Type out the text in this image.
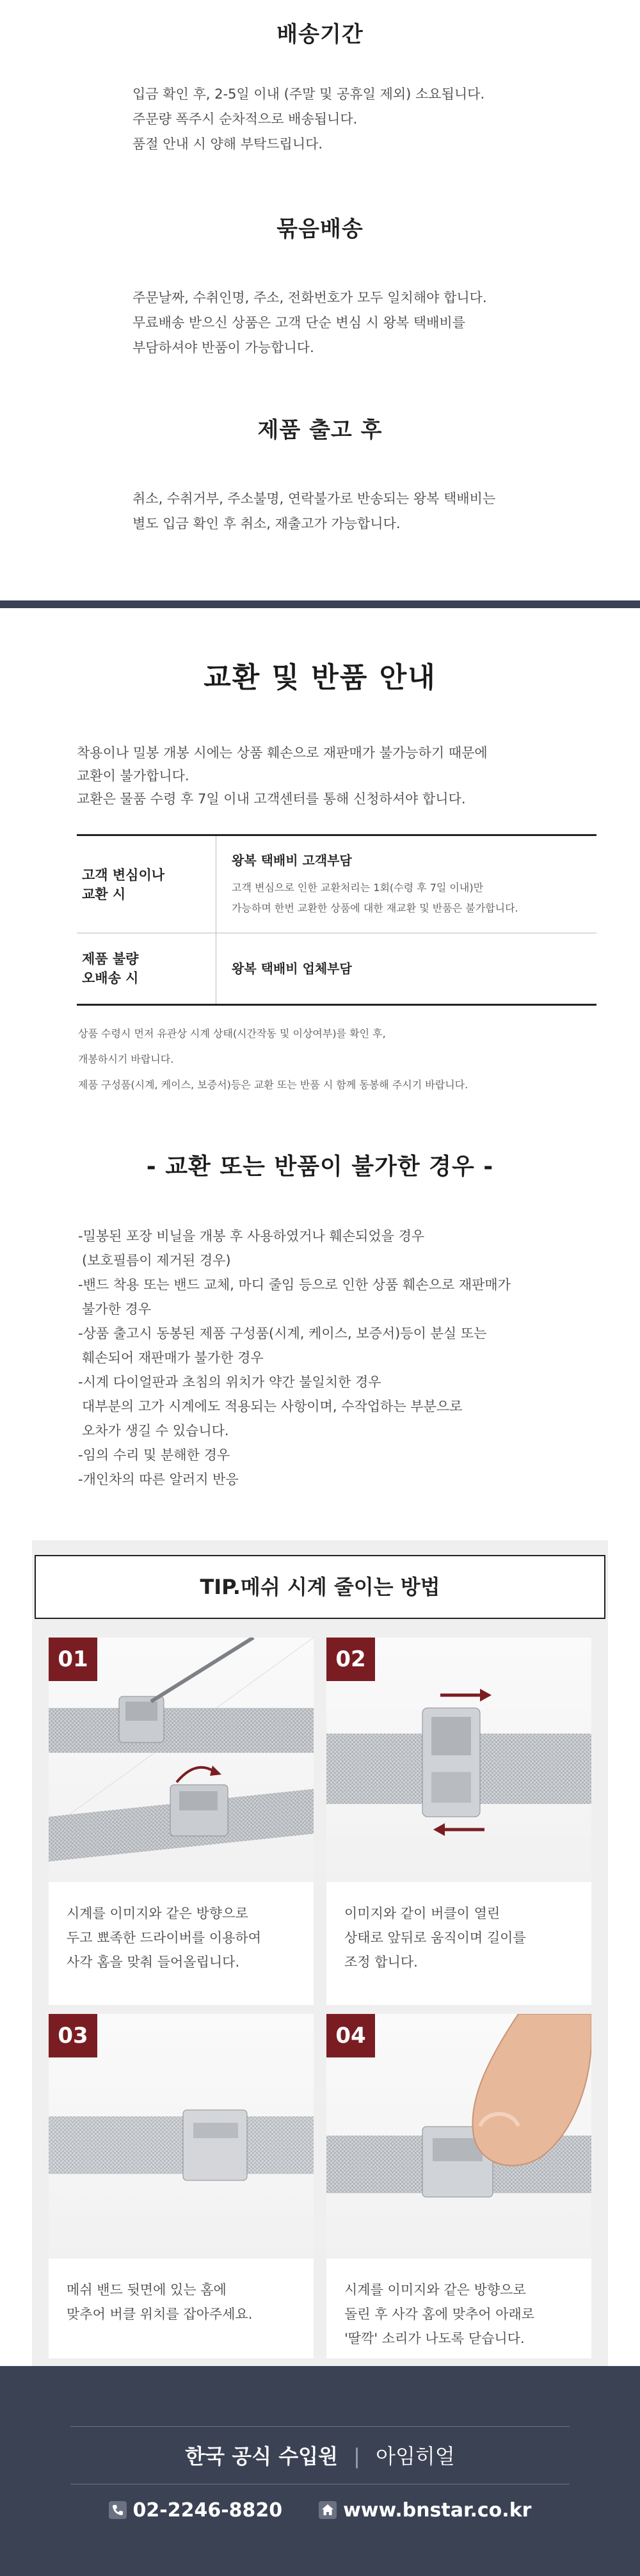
배송기간
입금 확인 후, 2-5일 이내 (주말 및 공휴일 제외) 소요됩니다.
주문량 폭주시 순차적으로 배송됩니다.
품절 안내 시 양해 부탁드립니다.
묶음배송
주문날짜, 수취인명, 주소, 전화번호가 모두 일치해야 합니다.
무료배송 받으신 상품은 고객 단순 변심 시 왕복 택배비를
부담하셔야 반품이 가능합니다.
제품 출고 후
취소, 수취거부, 주소불명, 연락불가로 반송되는 왕복 택배비는
별도 입금 확인 후 취소, 재출고가 가능합니다.
교환 및 반품 안내
착용이나 밀봉 개봉 시에는 상품 훼손으로 재판매가 불가능하기 때문에
교환이 불가합니다.
교환은 물품 수령 후 7일 이내 고객센터를 통해 신청하셔야 합니다.
고객 변심이나
교환 시
왕복 택배비 고객부담
고객 변심으로 인한 교환처리는 1회(수령 후 7일 이내)만
가능하며 한번 교환한 상품에 대한 재교환 및 반품은 불가합니다.
제품 불량
오배송 시
왕복 택배비 업체부담
상품 수령시 먼저 유관상 시계 상태(시간작동 및 이상여부)를 확인 후,
개봉하시기 바랍니다.
제품 구성품(시계, 케이스, 보증서)등은 교환 또는 반품 시 함께 동봉해 주시기 바랍니다.
- 교환 또는 반품이 불가한 경우 -
-밀봉된 포장 비닐을 개봉 후 사용하였거나 훼손되었을 경우
(보호필름이 제거된 경우)
-밴드 착용 또는 밴드 교체, 마디 줄임 등으로 인한 상품 훼손으로 재판매가
불가한 경우
-상품 출고시 동봉된 제품 구성품(시계, 케이스, 보증서)등이 분실 또는
훼손되어 재판매가 불가한 경우
-시계 다이얼판과 초침의 위치가 약간 불일치한 경우
대부분의 고가 시계에도 적용되는 사항이며, 수작업하는 부분으로
오차가 생길 수 있습니다.
-임의 수리 및 분해한 경우
-개인차의 따른 알러지 반응
TIP.메쉬 시계 줄이는 방법
01
시계를 이미지와 같은 방향으로
두고 뾰족한 드라이버를 이용하여
사각 홈을 맞춰 들어올립니다.
02
이미지와 같이 버클이 열린
상태로 앞뒤로 움직이며 길이를
조정 합니다.
03
메쉬 밴드 뒷면에 있는 홈에
맞추어 버클 위치를 잡아주세요.
04
시계를 이미지와 같은 방향으로
돌린 후 사각 홈에 맞추어 아래로
'딸깍' 소리가 나도록 닫습니다.
한국 공식 수입원 | 아임히얼
02-2246-8820	www.bnstar.co.kr
